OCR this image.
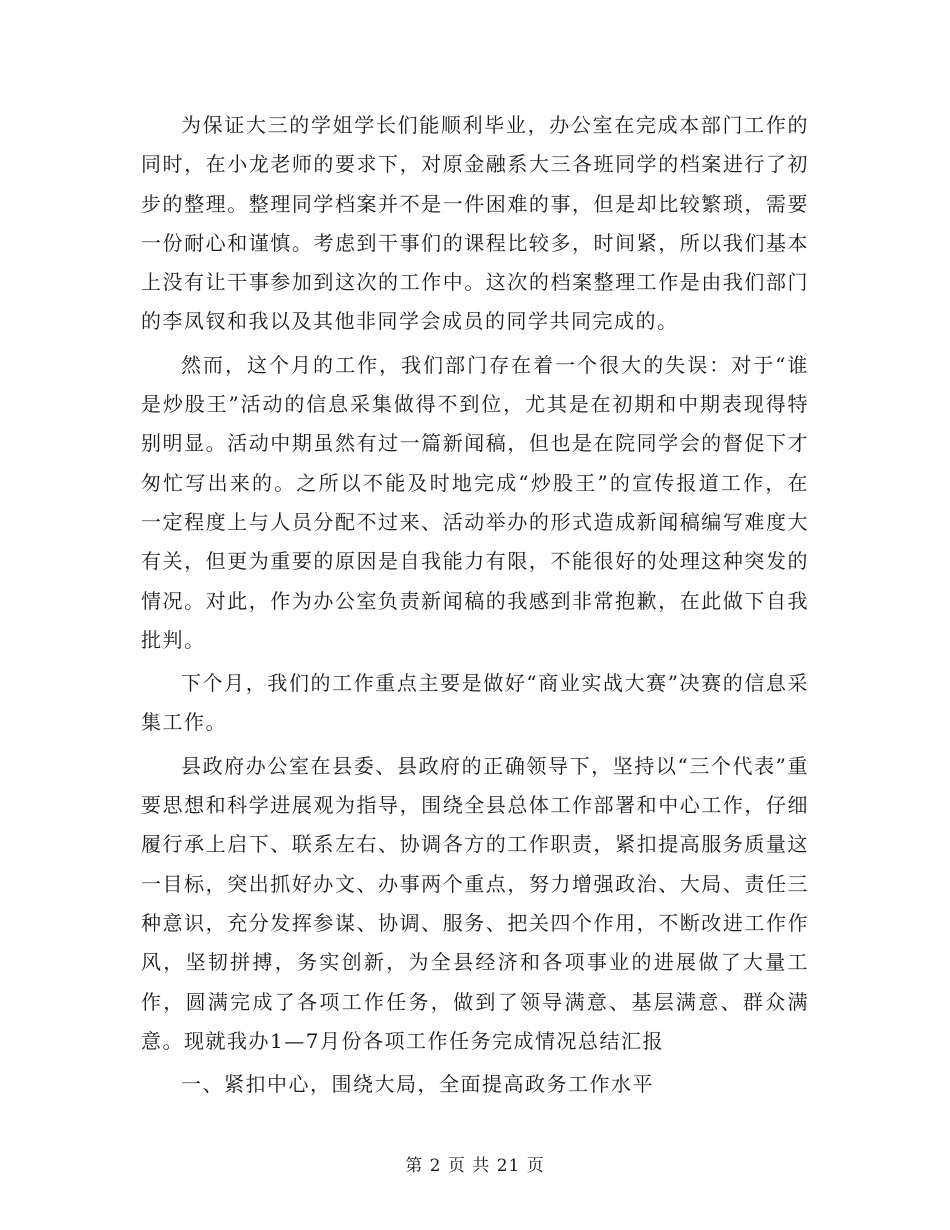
为保证大三的学姐学长们能顺利毕业，办公室在完成本部门工作的同时，在小龙老师的要求下，对原金融系大三各班同学的档案进行了初步的整理。整理同学档案并不是一件困难的事，但是却比较繁琐，需要一份耐心和谨慎。考虑到干事们的课程比较多，时间紧，所以我们基本上没有让干事参加到这次的工作中。这次的档案整理工作是由我们部门的李凤钗和我以及其他非同学会成员的同学共同完成的。

然而，这个月的工作，我们部门存在着一个很大的失误：对于“谁是炒股王”活动的信息采集做得不到位，尤其是在初期和中期表现得特别明显。活动中期虽然有过一篇新闻稿，但也是在院同学会的督促下才匆忙写出来的。之所以不能及时地完成“炒股王”的宣传报道工作，在一定程度上与人员分配不过来、活动举办的形式造成新闻稿编写难度大有关，但更为重要的原因是自我能力有限，不能很好的处理这种突发的情况。对此，作为办公室负责新闻稿的我感到非常抱歉，在此做下自我批判。

下个月，我们的工作重点主要是做好“商业实战大赛”决赛的信息采集工作。

县政府办公室在县委、县政府的正确领导下，坚持以“三个代表”重要思想和科学进展观为指导，围绕全县总体工作部署和中心工作，仔细履行承上启下、联系左右、协调各方的工作职责，紧扣提高服务质量这一目标，突出抓好办文、办事两个重点，努力增强政治、大局、责任三种意识，充分发挥参谋、协调、服务、把关四个作用，不断改进工作作风，坚韧拼搏，务实创新，为全县经济和各项事业的进展做了大量工作，圆满完成了各项工作任务，做到了领导满意、基层满意、群众满意。现就我办1—7月份各项工作任务完成情况总结汇报

一、紧扣中心，围绕大局，全面提高政务工作水平

第 2 页 共 21 页
